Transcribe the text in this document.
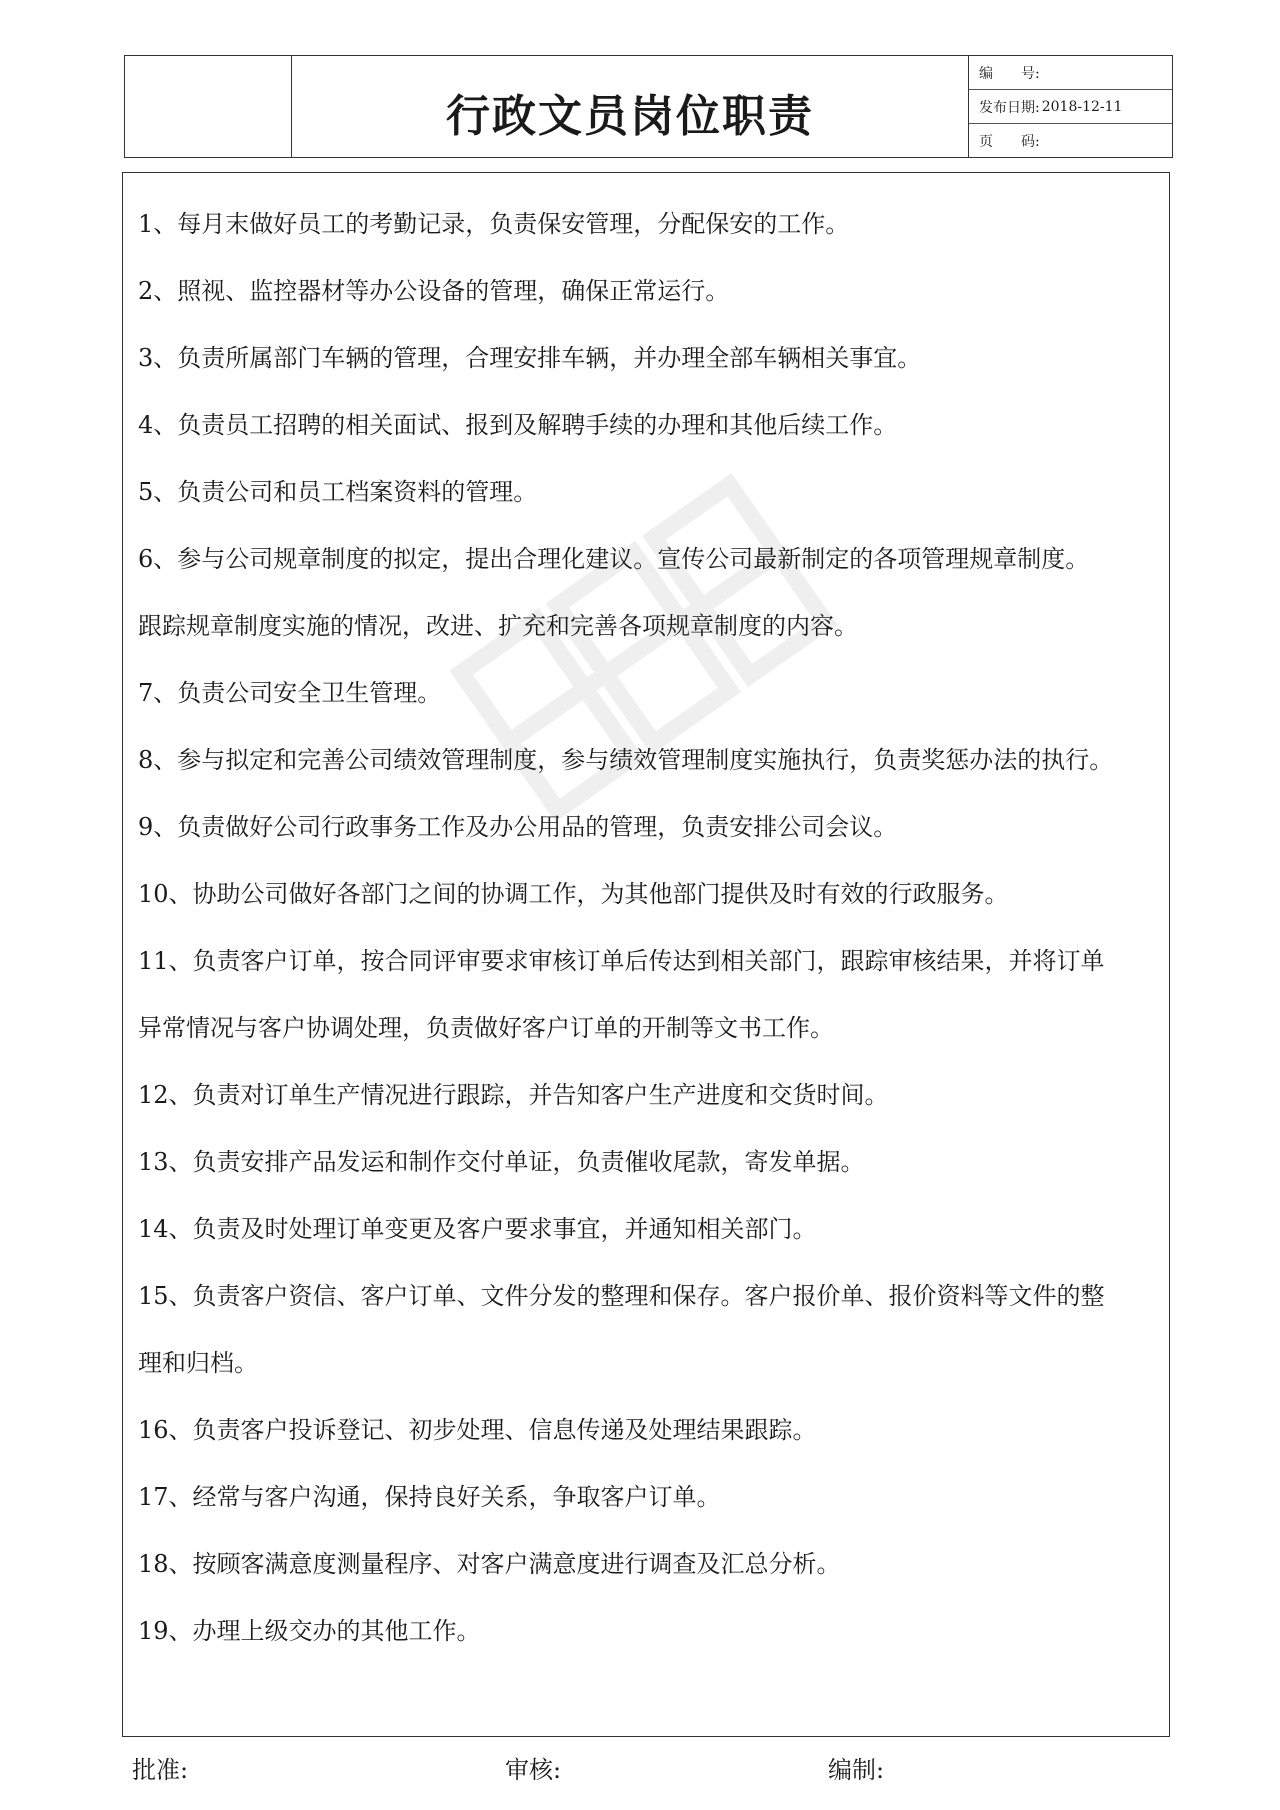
行政文员岗位职责
编　　号:
发布日期: 2018-12-11
页　　码:

1、每月末做好员工的考勤记录，负责保安管理，分配保安的工作。

2、照视、监控器材等办公设备的管理，确保正常运行。

3、负责所属部门车辆的管理，合理安排车辆，并办理全部车辆相关事宜。

4、负责员工招聘的相关面试、报到及解聘手续的办理和其他后续工作。

5、负责公司和员工档案资料的管理。

6、参与公司规章制度的拟定，提出合理化建议。宣传公司最新制定的各项管理规章制度。
跟踪规章制度实施的情况，改进、扩充和完善各项规章制度的内容。

7、负责公司安全卫生管理。

8、参与拟定和完善公司绩效管理制度，参与绩效管理制度实施执行，负责奖惩办法的执行。

9、负责做好公司行政事务工作及办公用品的管理，负责安排公司会议。

10、协助公司做好各部门之间的协调工作，为其他部门提供及时有效的行政服务。

11、负责客户订单，按合同评审要求审核订单后传达到相关部门，跟踪审核结果，并将订单
异常情况与客户协调处理，负责做好客户订单的开制等文书工作。

12、负责对订单生产情况进行跟踪，并告知客户生产进度和交货时间。

13、负责安排产品发运和制作交付单证，负责催收尾款，寄发单据。

14、负责及时处理订单变更及客户要求事宜，并通知相关部门。

15、负责客户资信、客户订单、文件分发的整理和保存。客户报价单、报价资料等文件的整
理和归档。

16、负责客户投诉登记、初步处理、信息传递及处理结果跟踪。

17、经常与客户沟通，保持良好关系，争取客户订单。

18、按顾客满意度测量程序、对客户满意度进行调查及汇总分析。

19、办理上级交办的其他工作。

批准:	审核:	编制:
